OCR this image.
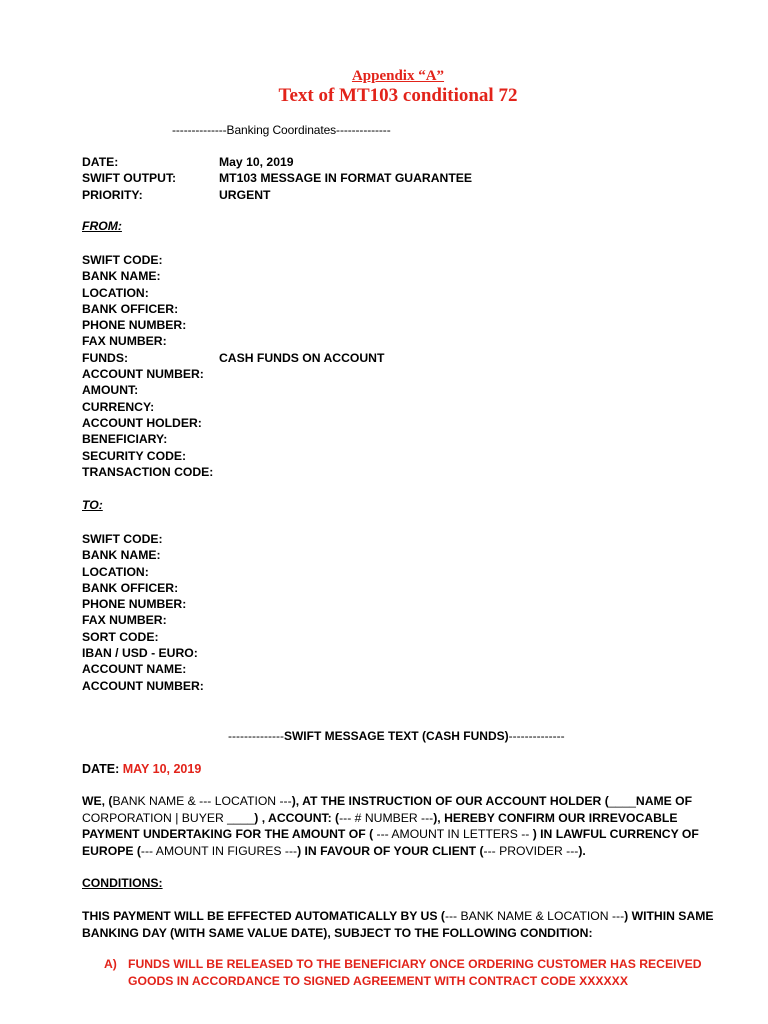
Appendix “A”
Text of MT103 conditional 72
--------------Banking Coordinates--------------
DATE:	May 10, 2019
SWIFT OUTPUT:	MT103 MESSAGE IN FORMAT GUARANTEE
PRIORITY:	URGENT
FROM:
SWIFT CODE:
BANK NAME:
LOCATION:
BANK OFFICER:
PHONE NUMBER:
FAX NUMBER:
FUNDS:	CASH FUNDS ON ACCOUNT
ACCOUNT NUMBER:
AMOUNT:
CURRENCY:
ACCOUNT HOLDER:
BENEFICIARY:
SECURITY CODE:
TRANSACTION CODE:
TO:
SWIFT CODE:
BANK NAME:
LOCATION:
BANK OFFICER:
PHONE NUMBER:
FAX NUMBER:
SORT CODE:
IBAN / USD - EURO:
ACCOUNT NAME:
ACCOUNT NUMBER:
--------------SWIFT MESSAGE TEXT (CASH FUNDS)--------------
DATE: MAY 10, 2019
WE, (BANK NAME & --- LOCATION ---), AT THE INSTRUCTION OF OUR ACCOUNT HOLDER (____NAME OF CORPORATION | BUYER ____) , ACCOUNT: (--- # NUMBER ---), HEREBY CONFIRM OUR IRREVOCABLE PAYMENT UNDERTAKING FOR THE AMOUNT OF ( --- AMOUNT IN LETTERS -- ) IN LAWFUL CURRENCY OF EUROPE (--- AMOUNT IN FIGURES ---) IN FAVOUR OF YOUR CLIENT (--- PROVIDER ---).
CONDITIONS:
THIS PAYMENT WILL BE EFFECTED AUTOMATICALLY BY US (--- BANK NAME & LOCATION ---) WITHIN SAME BANKING DAY (WITH SAME VALUE DATE), SUBJECT TO THE FOLLOWING CONDITION:
A) FUNDS WILL BE RELEASED TO THE BENEFICIARY ONCE ORDERING CUSTOMER HAS RECEIVED GOODS IN ACCORDANCE TO SIGNED AGREEMENT WITH CONTRACT CODE XXXXXX
